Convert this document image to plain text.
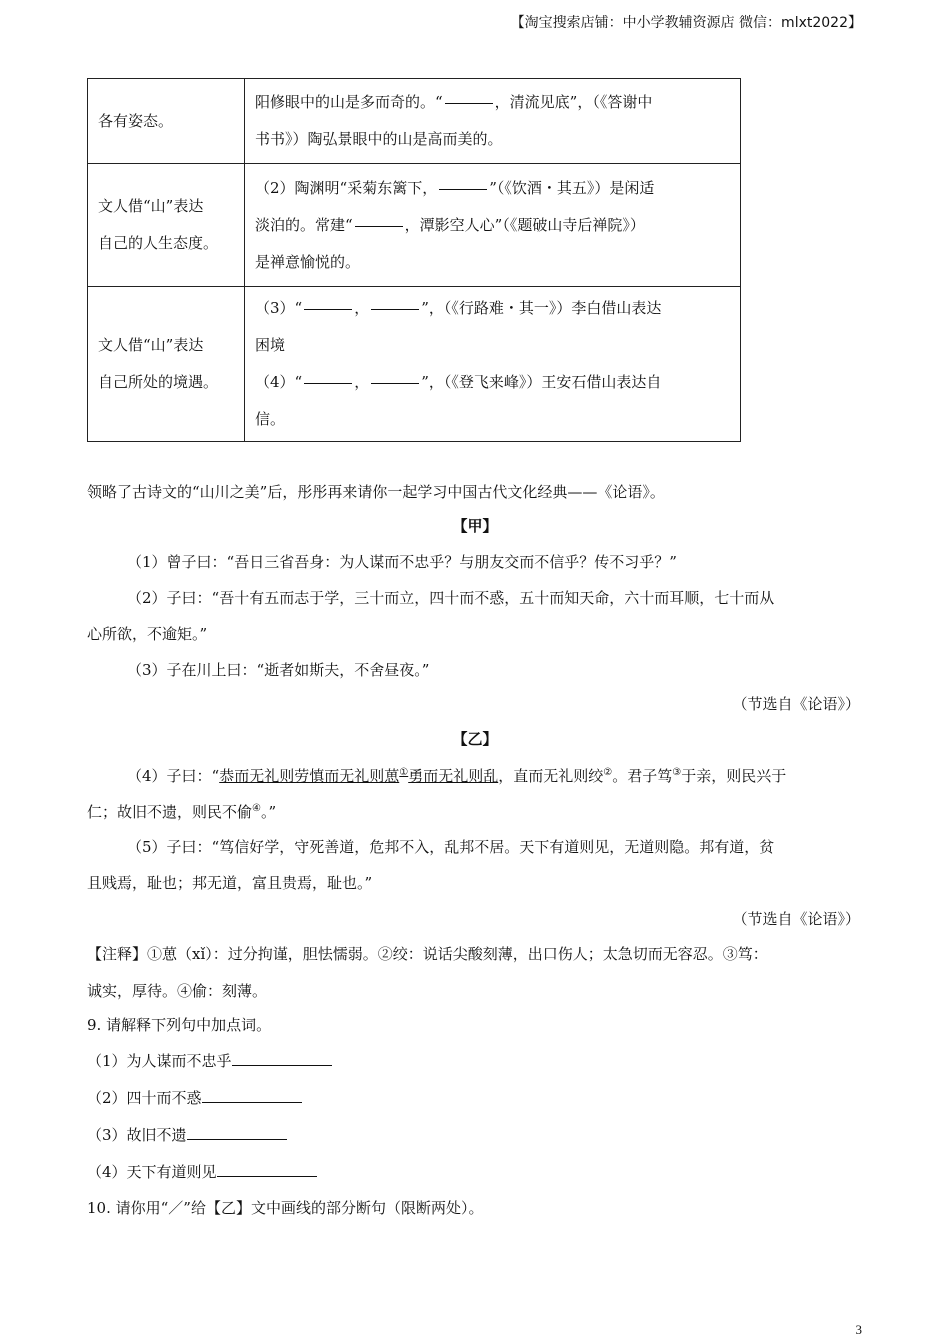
【淘宝搜索店铺：中小学教辅资源店 微信：mlxt2022】
各有姿态。	阳修眼中的山是多而奇的。“ ，清流见底”，（《答谢中
书书》）陶弘景眼中的山是高而美的。
文人借“山”表达
自己的人生态度。	（2）陶渊明“采菊东篱下， ”（《饮酒・其五》）是闲适
淡泊的。常建“ ，潭影空人心”（《题破山寺后禅院》）
是禅意愉悦的。
文人借“山”表达
自己所处的境遇。	（3）“ ， ”，（《行路难・其一》）李白借山表达
困境
（4）“ ， ”，（《登飞来峰》）王安石借山表达自
信。
领略了古诗文的“山川之美”后，彤彤再来请你一起学习中国古代文化经典——《论语》。
【甲】
（1）曾子曰：“吾日三省吾身：为人谋而不忠乎？与朋友交而不信乎？传不习乎？”
（2）子曰：“吾十有五而志于学，三十而立，四十而不惑，五十而知天命，六十而耳顺，七十而从
心所欲，不逾矩。”
（3）子在川上曰：“逝者如斯夫，不舍昼夜。”
（节选自《论语》）
【乙】
（4）子曰：“恭而无礼则劳慎而无礼则葸①勇而无礼则乱，直而无礼则绞②。君子笃③于亲，则民兴于
仁；故旧不遗，则民不偷④。”
（5）子曰：“笃信好学，守死善道，危邦不入，乱邦不居。天下有道则见，无道则隐。邦有道，贫
且贱焉，耻也；邦无道，富且贵焉，耻也。”
（节选自《论语》）
【注释】①葸（xǐ）：过分拘谨，胆怯懦弱。②绞：说话尖酸刻薄，出口伤人；太急切而无容忍。③笃：
诚实，厚待。④偷：刻薄。
9. 请解释下列句中加点词。
（1）为人谋而不忠乎
（2）四十而不惑
（3）故旧不遗
（4）天下有道则见
10. 请你用“／”给【乙】文中画线的部分断句（限断两处）。
3
